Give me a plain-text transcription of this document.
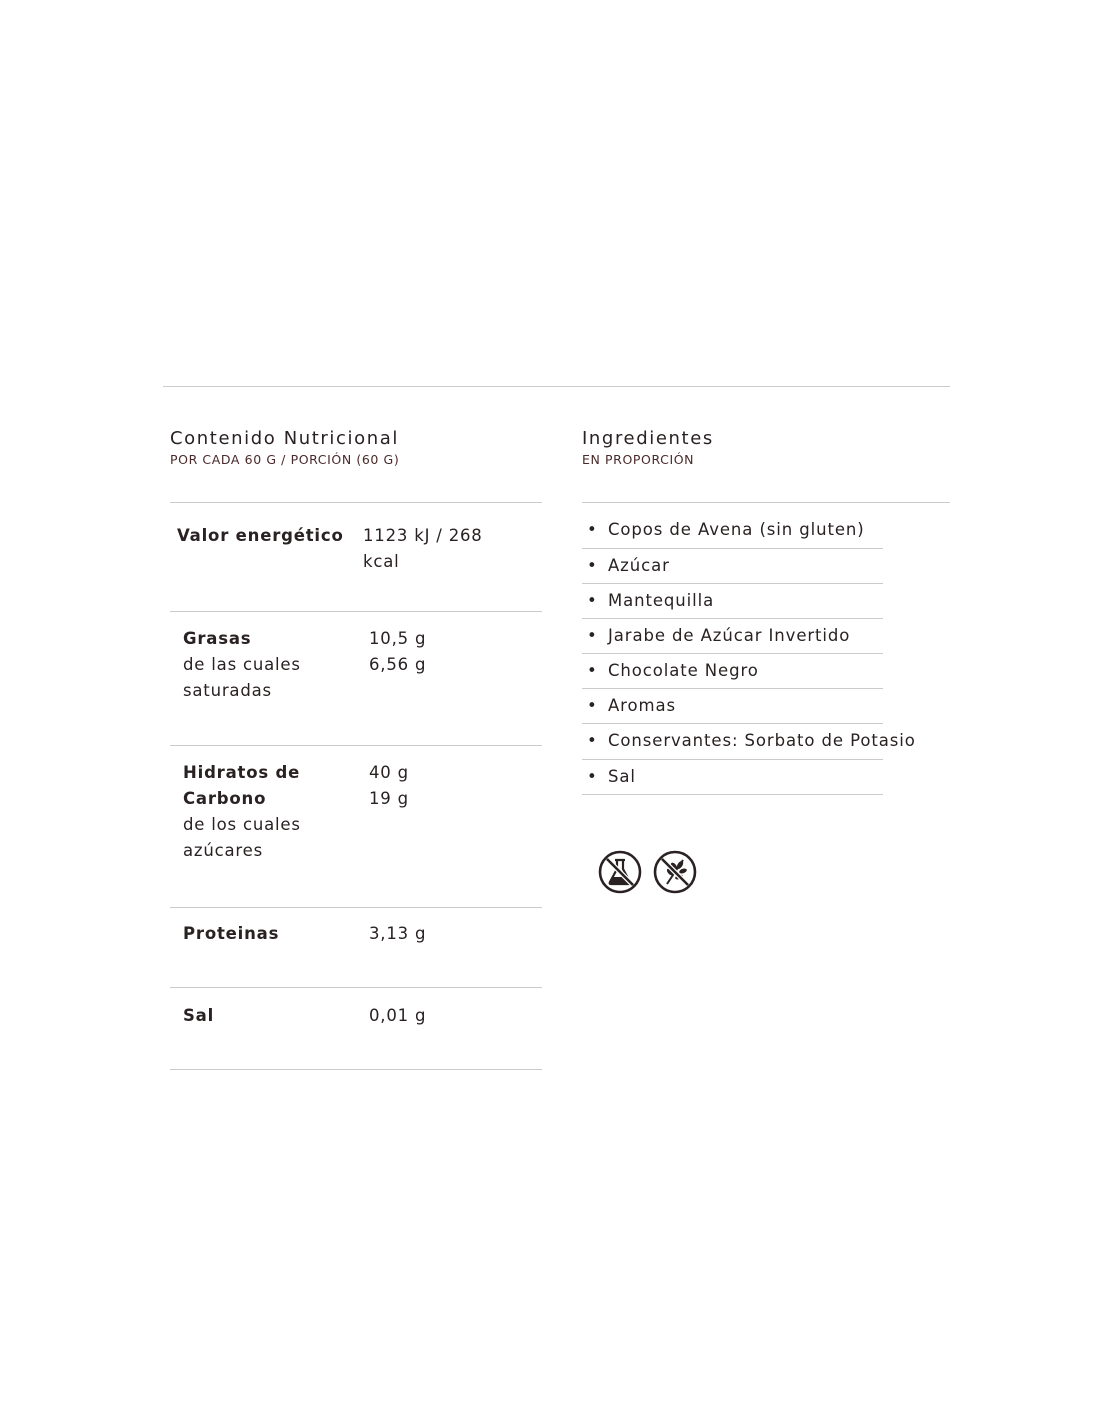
Contenido Nutricional
POR CADA 60 G / PORCIÓN (60 G)
Ingredientes
EN PROPORCIÓN
Valor energético 1123 kJ / 268
kcal
Grasas
de las cuales
saturadas
10,5 g
6,56 g
Hidratos de
Carbono
de los cuales
azúcares
40 g
19 g
Proteinas	3,13 g
Sal	0,01 g
• Copos de Avena (sin gluten)
• Azúcar
• Mantequilla
• Jarabe de Azúcar Invertido
• Chocolate Negro
• Aromas
• Conservantes: Sorbato de Potasio
• Sal
